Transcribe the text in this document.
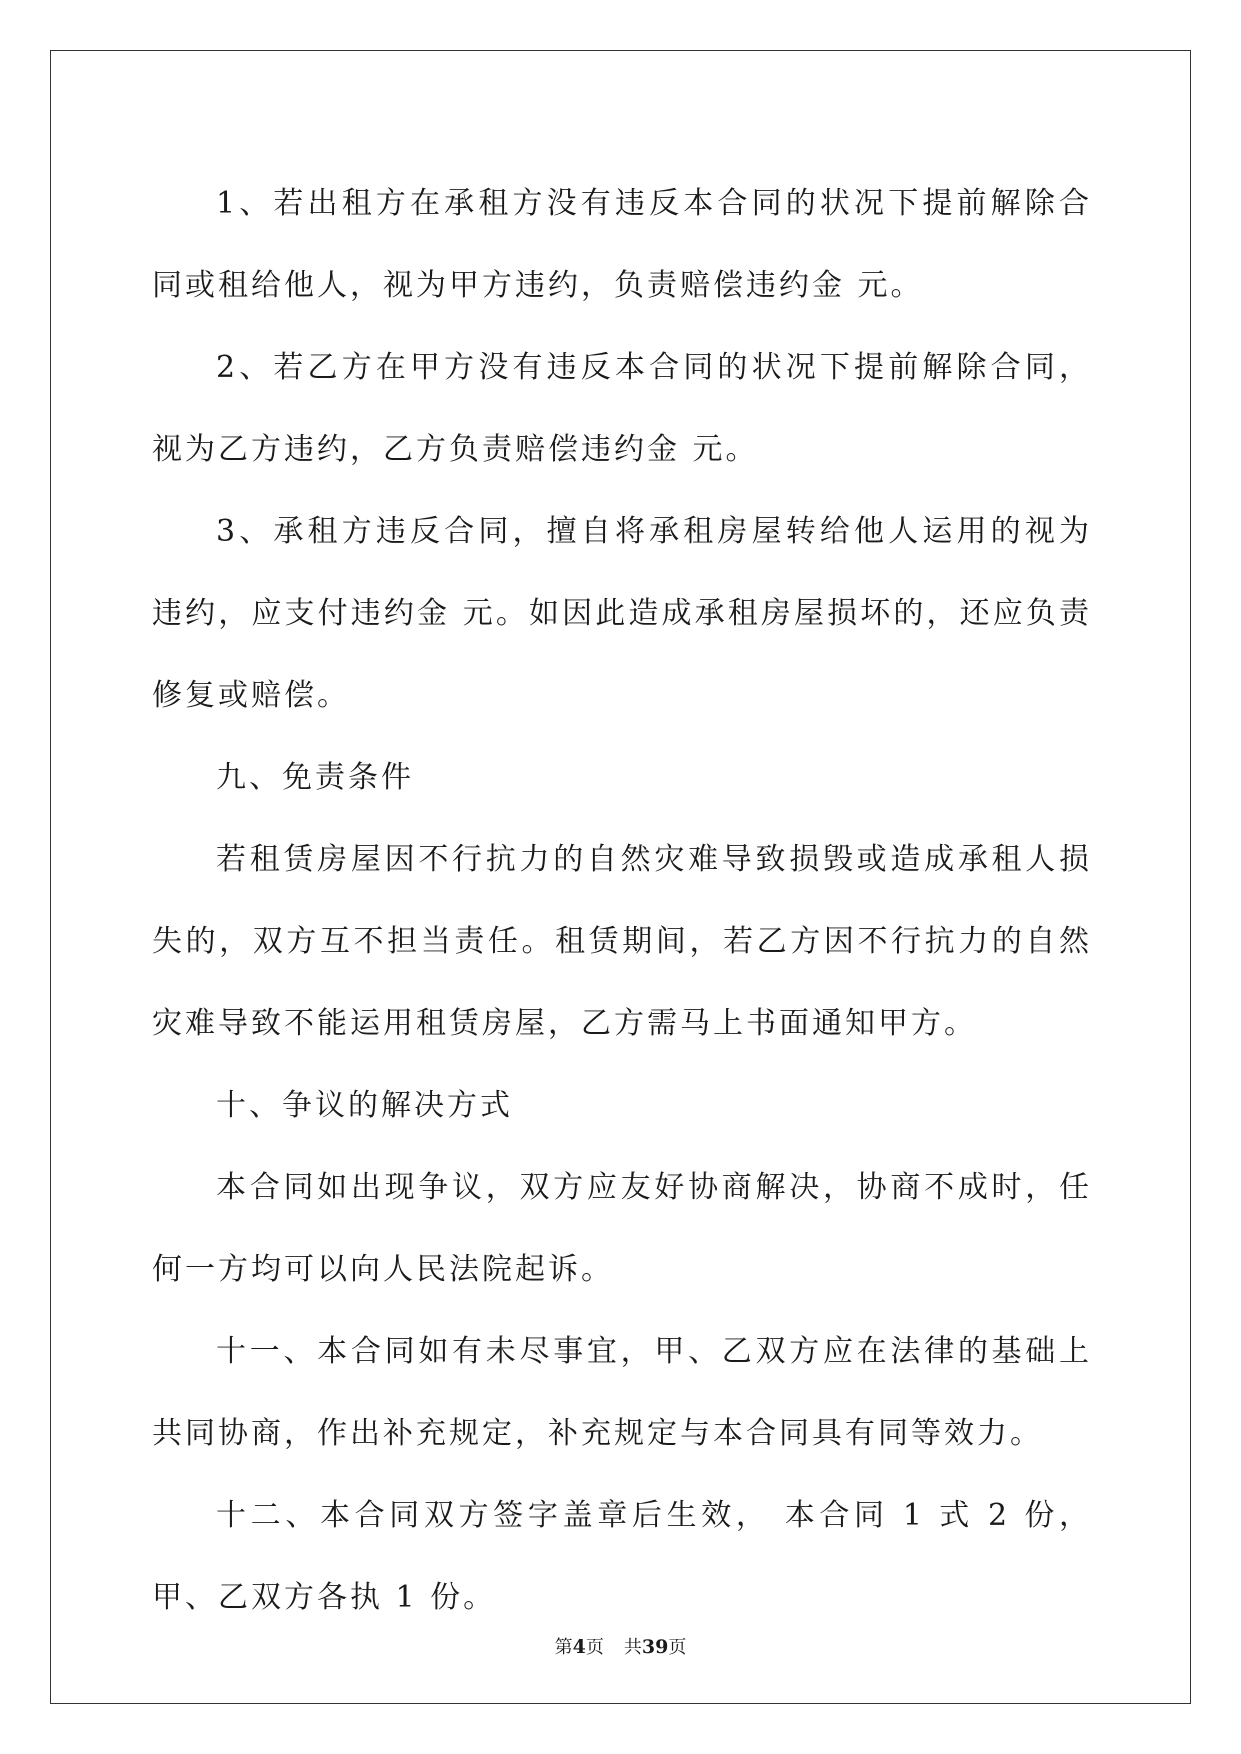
1、若出租方在承租方没有违反本合同的状况下提前解除合同或租给他人，视为甲方违约，负责赔偿违约金 元。

2、若乙方在甲方没有违反本合同的状况下提前解除合同，视为乙方违约，乙方负责赔偿违约金 元。

3、承租方违反合同，擅自将承租房屋转给他人运用的视为违约，应支付违约金 元。如因此造成承租房屋损坏的，还应负责修复或赔偿。

九、免责条件

若租赁房屋因不行抗力的自然灾难导致损毁或造成承租人损失的，双方互不担当责任。租赁期间，若乙方因不行抗力的自然灾难导致不能运用租赁房屋，乙方需马上书面通知甲方。

十、争议的解决方式

本合同如出现争议，双方应友好协商解决，协商不成时，任何一方均可以向人民法院起诉。

十一、本合同如有未尽事宜，甲、乙双方应在法律的基础上共同协商，作出补充规定，补充规定与本合同具有同等效力。

十二、本合同双方签字盖章后生效， 本合同 1 式 2 份，甲、乙双方各执 1 份。

第4页 共39页
